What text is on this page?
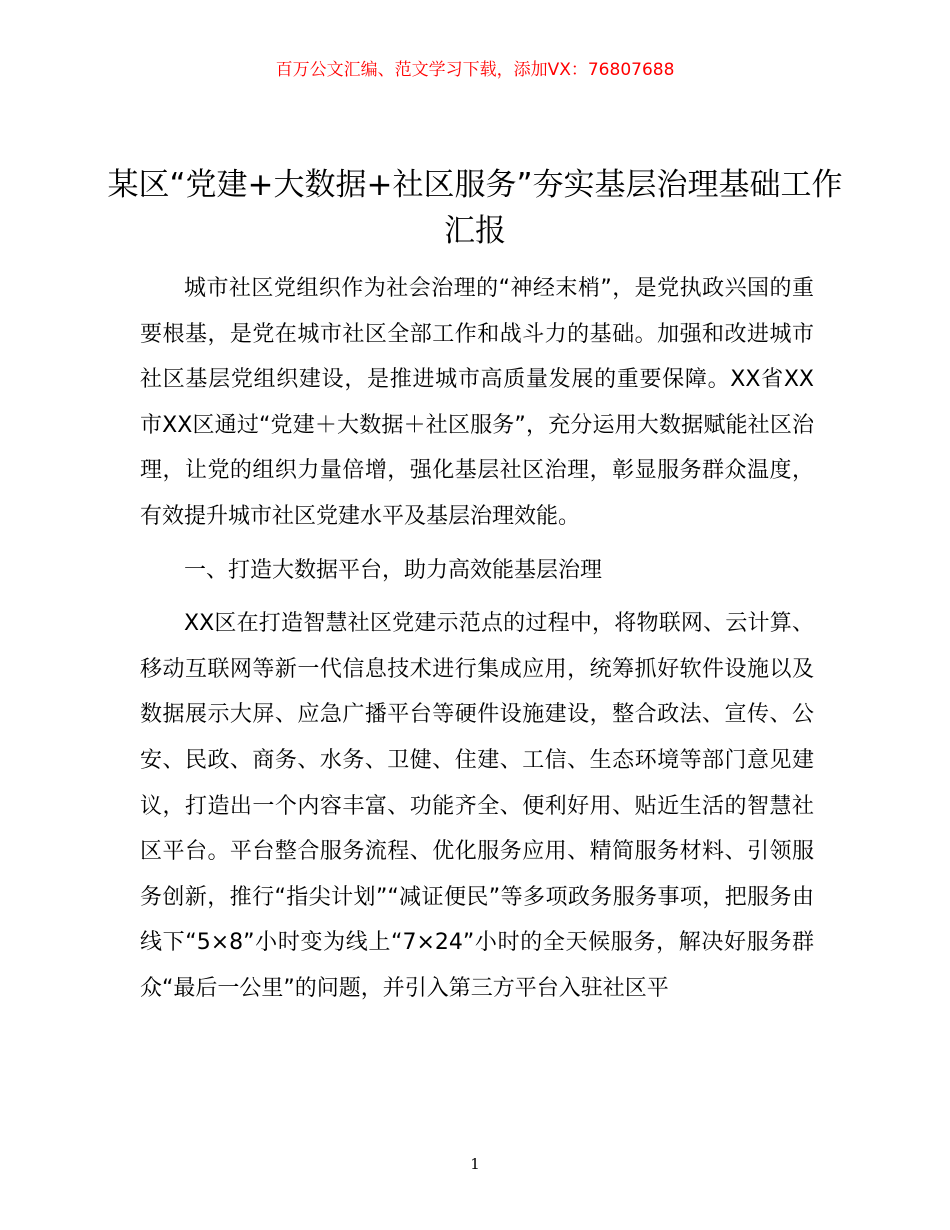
百万公文汇编、范文学习下载，添加VX：76807688
某区“党建+大数据+社区服务”夯实基层治理基础工作汇报

城市社区党组织作为社会治理的“神经末梢”，是党执政兴国的重要根基，是党在城市社区全部工作和战斗力的基础。加强和改进城市社区基层党组织建设，是推进城市高质量发展的重要保障。XX省XX市XX区通过“党建＋大数据＋社区服务”，充分运用大数据赋能社区治理，让党的组织力量倍增，强化基层社区治理，彰显服务群众温度，有效提升城市社区党建水平及基层治理效能。

一、打造大数据平台，助力高效能基层治理

XX区在打造智慧社区党建示范点的过程中，将物联网、云计算、移动互联网等新一代信息技术进行集成应用，统筹抓好软件设施以及数据展示大屏、应急广播平台等硬件设施建设，整合政法、宣传、公安、民政、商务、水务、卫健、住建、工信、生态环境等部门意见建议，打造出一个内容丰富、功能齐全、便利好用、贴近生活的智慧社区平台。平台整合服务流程、优化服务应用、精简服务材料、引领服务创新，推行“指尖计划”“减证便民”等多项政务服务事项，把服务由线下“5×8”小时变为线上“7×24”小时的全天候服务，解决好服务群众“最后一公里”的问题，并引入第三方平台入驻社区平

1
